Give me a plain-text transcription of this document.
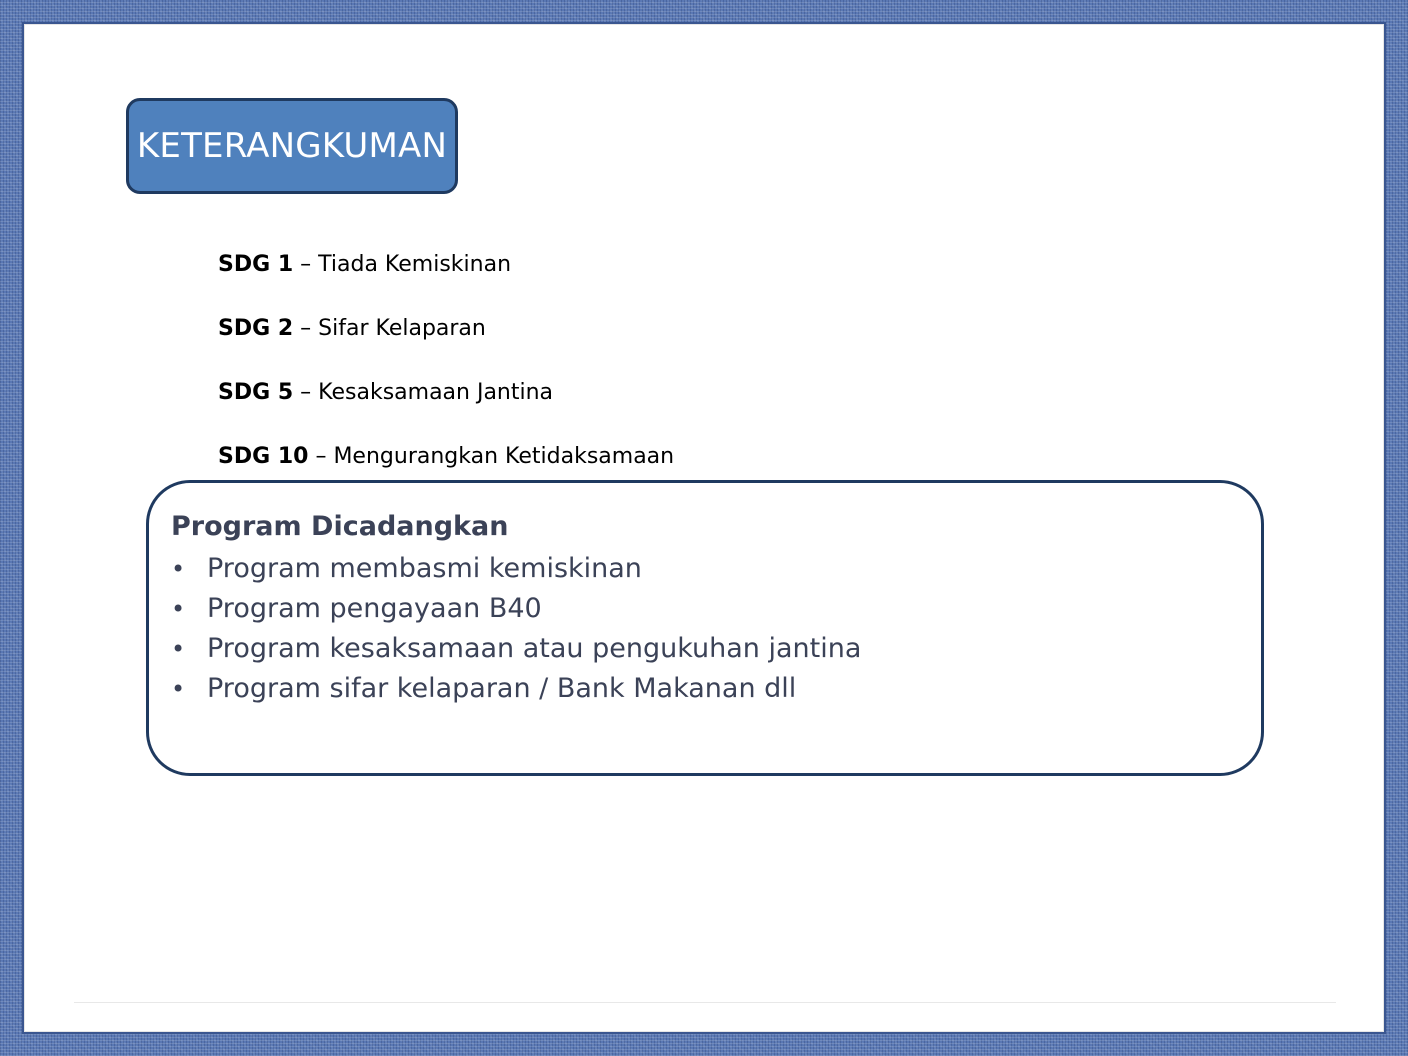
KETERANGKUMAN
SDG 1 – Tiada Kemiskinan
SDG 2 – Sifar Kelaparan
SDG 5 – Kesaksamaan Jantina
SDG 10 – Mengurangkan Ketidaksamaan
Program Dicadangkan
• Program membasmi kemiskinan
• Program pengayaan B40
• Program kesaksamaan atau pengukuhan jantina
• Program sifar kelaparan / Bank Makanan dll
